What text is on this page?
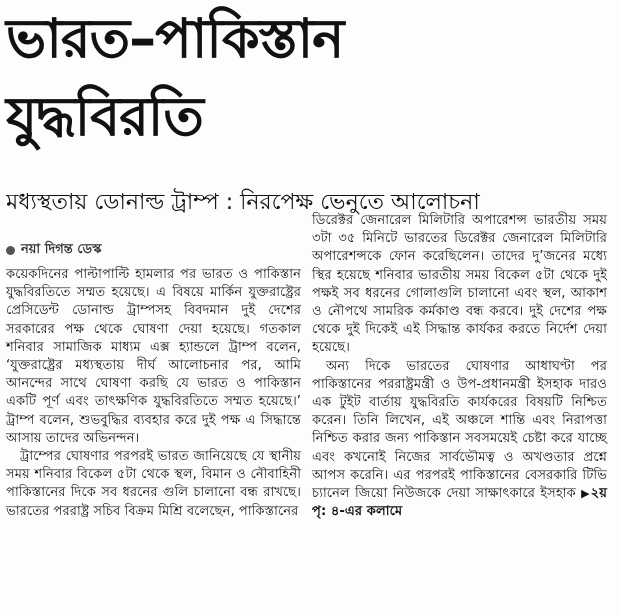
ভারত–পাকিস্তান
যুদ্ধবিরতি
মধ্যস্থতায় ডোনাল্ড ট্রাম্প : নিরপেক্ষ ভেনুতে আলোচনা
নয়া দিগন্ত ডেস্ক

কয়েকদিনের পাল্টাপাল্টি হামলার পর ভারত ও পাকিস্তান যুদ্ধবিরতিতে সম্মত হয়েছে। এ বিষয়ে মার্কিন যুক্তরাষ্ট্রের প্রেসিডেন্ট ডোনাল্ড ট্রাম্পসহ বিবদমান দুই দেশের সরকারের পক্ষ থেকে ঘোষণা দেয়া হয়েছে। গতকাল শনিবার সামাজিক মাধ্যম এক্স হ্যান্ডলে ট্রাম্প বলেন, ‘যুক্তরাষ্ট্রের মধ্যস্থতায় দীর্ঘ আলোচনার পর, আমি আনন্দের সাথে ঘোষণা করছি যে ভারত ও পাকিস্তান একটি পূর্ণ এবং তাৎক্ষণিক যুদ্ধবিরতিতে সম্মত হয়েছে।’ ট্রাম্প বলেন, শুভবুদ্ধির ব্যবহার করে দুই পক্ষ এ সিদ্ধান্তে আসায় তাদের অভিনন্দন।

ট্রাম্পের ঘোষণার পরপরই ভারত জানিয়েছে যে স্থানীয় সময় শনিবার বিকেল ৫টা থেকে স্থল, বিমান ও নৌবাহিনী পাকিস্তানের দিকে সব ধরনের গুলি চালানো বন্ধ রাখছে। ভারতের পররাষ্ট্র সচিব বিক্রম মিশ্রি বলেছেন, পাকিস্তানের

ডিরেক্টর জেনারেল মিলিটারি অপারেশন্স ভারতীয় সময় ৩টা ৩৫ মিনিটে ভারতের ডিরেক্টর জেনারেল মিলিটারি অপারেশন্সকে ফোন করেছিলেন। তাদের দু’জনের মধ্যে স্থির হয়েছে শনিবার ভারতীয় সময় বিকেল ৫টা থেকে দুই পক্ষই সব ধরনের গোলাগুলি চালানো এবং স্থল, আকাশ ও নৌপথে সামরিক কর্মকাণ্ড বন্ধ করবে। দুই দেশের পক্ষ থেকে দুই দিকেই এই সিদ্ধান্ত কার্যকর করতে নির্দেশ দেয়া হয়েছে।

অন্য দিকে ভারতের ঘোষণার আধাঘণ্টা পর পাকিস্তানের পররাষ্ট্রমন্ত্রী ও উপ-প্রধানমন্ত্রী ইসহাক দারও এক টুইট বার্তায় যুদ্ধবিরতি কার্যকরের বিষয়টি নিশ্চিত করেন। তিনি লিখেন, এই অঞ্চলে শান্তি এবং নিরাপত্তা নিশ্চিত করার জন্য পাকিস্তান সবসময়েই চেষ্টা করে যাচ্ছে এবং কখনোই নিজের সার্বভৌমত্ব ও অখণ্ডতার প্রশ্নে আপস করেনি। এর পরপরই পাকিস্তানের বেসরকারি টিভি চ্যানেল জিয়ো নিউজকে দেয়া সাক্ষাৎকারে ইসহাক ▶২য় পৃ: ৪-এর কলামে
